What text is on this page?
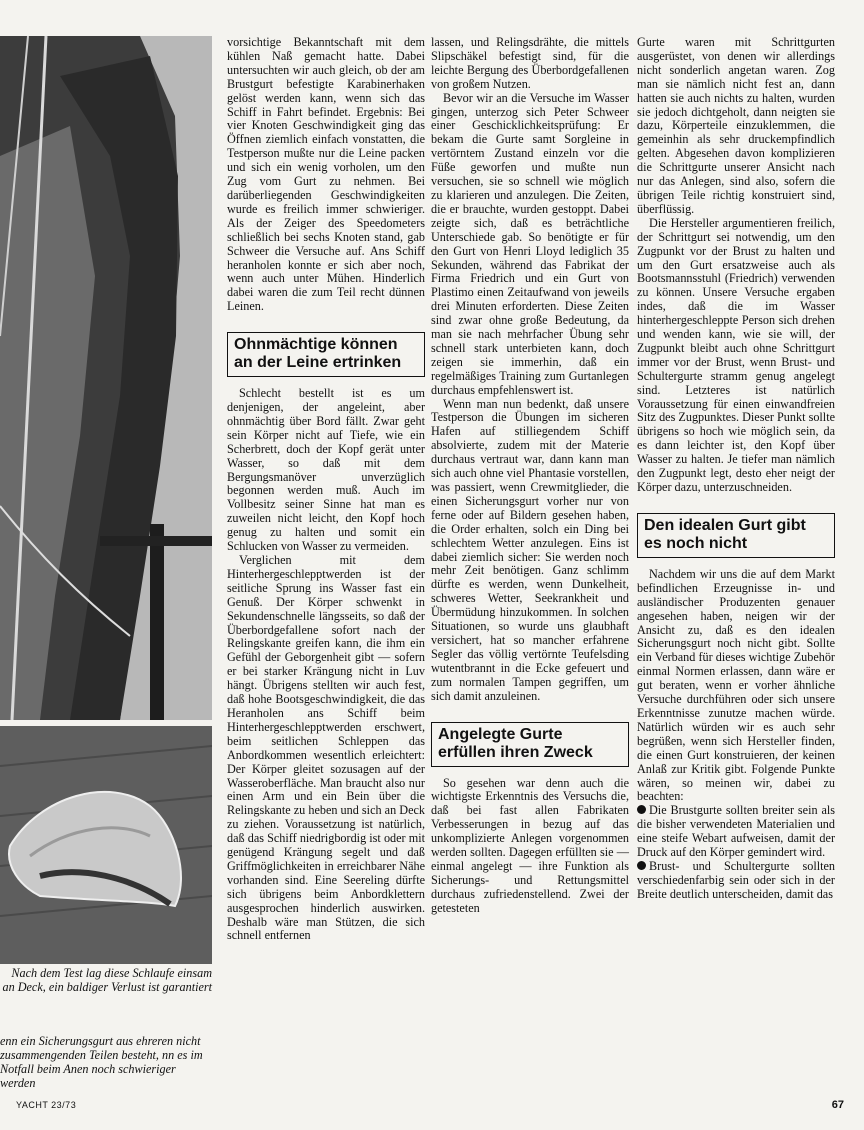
Nach dem Test lag diese Schlaufe einsam an Deck, ein baldiger Verlust ist garantiert
enn ein Sicherungsgurt aus ehreren nicht zusammengenden Teilen besteht, nn es im Notfall beim Anen noch schwieriger werden

vorsichtige Bekanntschaft mit dem kühlen Naß gemacht hatte. Dabei untersuchten wir auch gleich, ob der am Brustgurt befestigte Karabinerhaken gelöst werden kann, wenn sich das Schiff in Fahrt befindet. Ergebnis: Bei vier Knoten Geschwindigkeit ging das Öffnen ziemlich einfach vonstatten, die Testperson mußte nur die Leine packen und sich ein wenig vorholen, um den Zug vom Gurt zu nehmen. Bei darüberliegenden Geschwindigkeiten wurde es freilich immer schwieriger. Als der Zeiger des Speedometers schließlich bei sechs Knoten stand, gab Schweer die Versuche auf. Ans Schiff heranholen konnte er sich aber noch, wenn auch unter Mühen. Hinderlich dabei waren die zum Teil recht dünnen Leinen.

Ohnmächtige können an der Leine ertrinken

Schlecht bestellt ist es um denjenigen, der angeleint, aber ohnmächtig über Bord fällt. Zwar geht sein Körper nicht auf Tiefe, wie ein Scherbrett, doch der Kopf gerät unter Wasser, so daß mit dem Bergungsmanöver unverzüglich begonnen werden muß. Auch im Vollbesitz seiner Sinne hat man es zuweilen nicht leicht, den Kopf hoch genug zu halten und somit ein Schlucken von Wasser zu vermeiden.

Verglichen mit dem Hinterhergeschlepptwerden ist der seitliche Sprung ins Wasser fast ein Genuß. Der Körper schwenkt in Sekundenschnelle längsseits, so daß der Überbordgefallene sofort nach der Relingskante greifen kann, die ihm ein Gefühl der Geborgenheit gibt — sofern er bei starker Krängung nicht in Luv hängt. Übrigens stellten wir auch fest, daß hohe Bootsgeschwindigkeit, die das Heranholen ans Schiff beim Hinterhergeschlepptwerden erschwert, beim seitlichen Schleppen das Anbordkommen wesentlich erleichtert: Der Körper gleitet sozusagen auf der Wasseroberfläche. Man braucht also nur einen Arm und ein Bein über die Relingskante zu heben und sich an Deck zu ziehen. Voraussetzung ist natürlich, daß das Schiff niedrigbordig ist oder mit genügend Krängung segelt und daß Griffmöglichkeiten in erreichbarer Nähe vorhanden sind. Eine Seereling dürfte sich übrigens beim Anbordklettern ausgesprochen hinderlich auswirken. Deshalb wäre man Stützen, die sich schnell entfernen

lassen, und Relingsdrähte, die mittels Slipschäkel befestigt sind, für die leichte Bergung des Überbordgefallenen von großem Nutzen.

Bevor wir an die Versuche im Wasser gingen, unterzog sich Peter Schweer einer Geschicklichkeitsprüfung: Er bekam die Gurte samt Sorgleine in vertörntem Zustand einzeln vor die Füße geworfen und mußte nun versuchen, sie so schnell wie möglich zu klarieren und anzulegen. Die Zeiten, die er brauchte, wurden gestoppt. Dabei zeigte sich, daß es beträchtliche Unterschiede gab. So benötigte er für den Gurt von Henri Lloyd lediglich 35 Sekunden, während das Fabrikat der Firma Friedrich und ein Gurt von Plastimo einen Zeitaufwand von jeweils drei Minuten erforderten. Diese Zeiten sind zwar ohne große Bedeutung, da man sie nach mehrfacher Übung sehr schnell stark unterbieten kann, doch zeigen sie immerhin, daß ein regelmäßiges Training zum Gurtanlegen durchaus empfehlenswert ist.

Wenn man nun bedenkt, daß unsere Testperson die Übungen im sicheren Hafen auf stilliegendem Schiff absolvierte, zudem mit der Materie durchaus vertraut war, dann kann man sich auch ohne viel Phantasie vorstellen, was passiert, wenn Crewmitglieder, die einen Sicherungsgurt vorher nur von ferne oder auf Bildern gesehen haben, die Order erhalten, solch ein Ding bei schlechtem Wetter anzulegen. Eins ist dabei ziemlich sicher: Sie werden noch mehr Zeit benötigen. Ganz schlimm dürfte es werden, wenn Dunkelheit, schweres Wetter, Seekrankheit und Übermüdung hinzukommen. In solchen Situationen, so wurde uns glaubhaft versichert, hat so mancher erfahrene Segler das völlig vertörnte Teufelsding wutentbrannt in die Ecke gefeuert und zum normalen Tampen gegriffen, um sich damit anzuleinen.

Angelegte Gurte erfüllen ihren Zweck

So gesehen war denn auch die wichtigste Erkenntnis des Versuchs die, daß bei fast allen Fabrikaten Verbesserungen in bezug auf das unkomplizierte Anlegen vorgenommen werden sollten. Dagegen erfüllten sie — einmal angelegt — ihre Funktion als Sicherungs- und Rettungsmittel durchaus zufriedenstellend. Zwei der getesteten

Gurte waren mit Schrittgurten ausgerüstet, von denen wir allerdings nicht sonderlich angetan waren. Zog man sie nämlich nicht fest an, dann hatten sie auch nichts zu halten, wurden sie jedoch dichtgeholt, dann neigten sie dazu, Körperteile einzuklemmen, die gemeinhin als sehr druckempfindlich gelten. Abgesehen davon komplizieren die Schrittgurte unserer Ansicht nach nur das Anlegen, sind also, sofern die übrigen Teile richtig konstruiert sind, überflüssig.

Die Hersteller argumentieren freilich, der Schrittgurt sei notwendig, um den Zugpunkt vor der Brust zu halten und um den Gurt ersatzweise auch als Bootsmannsstuhl (Friedrich) verwenden zu können. Unsere Versuche ergaben indes, daß die im Wasser hinterhergeschleppte Person sich drehen und wenden kann, wie sie will, der Zugpunkt bleibt auch ohne Schrittgurt immer vor der Brust, wenn Brust- und Schultergurte stramm genug angelegt sind. Letzteres ist natürlich Voraussetzung für einen einwandfreien Sitz des Zugpunktes. Dieser Punkt sollte übrigens so hoch wie möglich sein, da es dann leichter ist, den Kopf über Wasser zu halten. Je tiefer man nämlich den Zugpunkt legt, desto eher neigt der Körper dazu, unterzuschneiden.

Den idealen Gurt gibt es noch nicht

Nachdem wir uns die auf dem Markt befindlichen Erzeugnisse in- und ausländischer Produzenten genauer angesehen haben, neigen wir der Ansicht zu, daß es den idealen Sicherungsgurt noch nicht gibt. Sollte ein Verband für dieses wichtige Zubehör einmal Normen erlassen, dann wäre er gut beraten, wenn er vorher ähnliche Versuche durchführen oder sich unsere Erkenntnisse zunutze machen würde. Natürlich würden wir es auch sehr begrüßen, wenn sich Hersteller finden, die einen Gurt konstruieren, der keinen Anlaß zur Kritik gibt. Folgende Punkte wären, so meinen wir, dabei zu beachten:

Die Brustgurte sollten breiter sein als die bisher verwendeten Materialien und eine steife Webart aufweisen, damit der Druck auf den Körper gemindert wird.

Brust- und Schultergurte sollten verschiedenfarbig sein oder sich in der Breite deutlich unterscheiden, damit das

YACHT 23/73	67
